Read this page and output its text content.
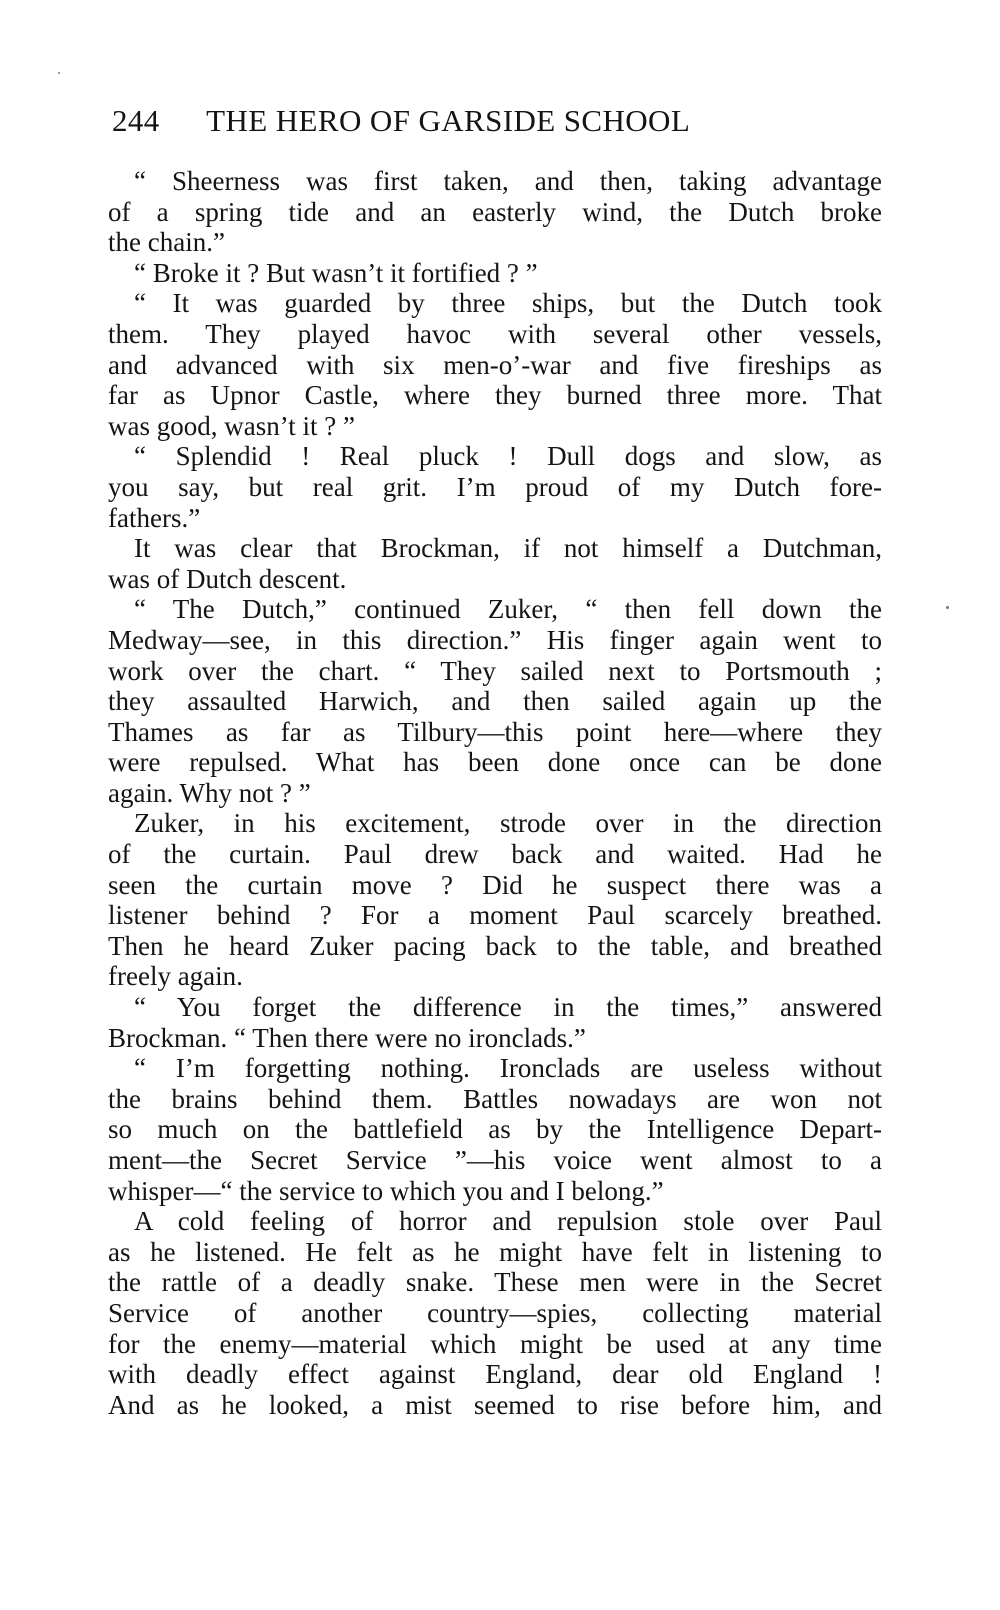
244 THE HERO OF GARSIDE SCHOOL
“ Sheerness was first taken, and then, taking advantage
of a spring tide and an easterly wind, the Dutch broke
the chain.”
“ Broke it ? But wasn’t it fortified ? ”
“ It was guarded by three ships, but the Dutch took
them. They played havoc with several other vessels,
and advanced with six men-o’-war and five fireships as
far as Upnor Castle, where they burned three more. That
was good, wasn’t it ? ”
“ Splendid ! Real pluck ! Dull dogs and slow, as
you say, but real grit. I’m proud of my Dutch fore-
fathers.”
It was clear that Brockman, if not himself a Dutchman,
was of Dutch descent.
“ The Dutch,” continued Zuker, “ then fell down the
Medway—see, in this direction.” His finger again went to
work over the chart. “ They sailed next to Portsmouth ;
they assaulted Harwich, and then sailed again up the
Thames as far as Tilbury—this point here—where they
were repulsed. What has been done once can be done
again. Why not ? ”
Zuker, in his excitement, strode over in the direction
of the curtain. Paul drew back and waited. Had he
seen the curtain move ? Did he suspect there was a
listener behind ? For a moment Paul scarcely breathed.
Then he heard Zuker pacing back to the table, and breathed
freely again.
“ You forget the difference in the times,” answered
Brockman. “ Then there were no ironclads.”
“ I’m forgetting nothing. Ironclads are useless without
the brains behind them. Battles nowadays are won not
so much on the battlefield as by the Intelligence Depart-
ment—the Secret Service ”—his voice went almost to a
whisper—“ the service to which you and I belong.”
A cold feeling of horror and repulsion stole over Paul
as he listened. He felt as he might have felt in listening to
the rattle of a deadly snake. These men were in the Secret
Service of another country—spies, collecting material
for the enemy—material which might be used at any time
with deadly effect against England, dear old England !
And as he looked, a mist seemed to rise before him, and
